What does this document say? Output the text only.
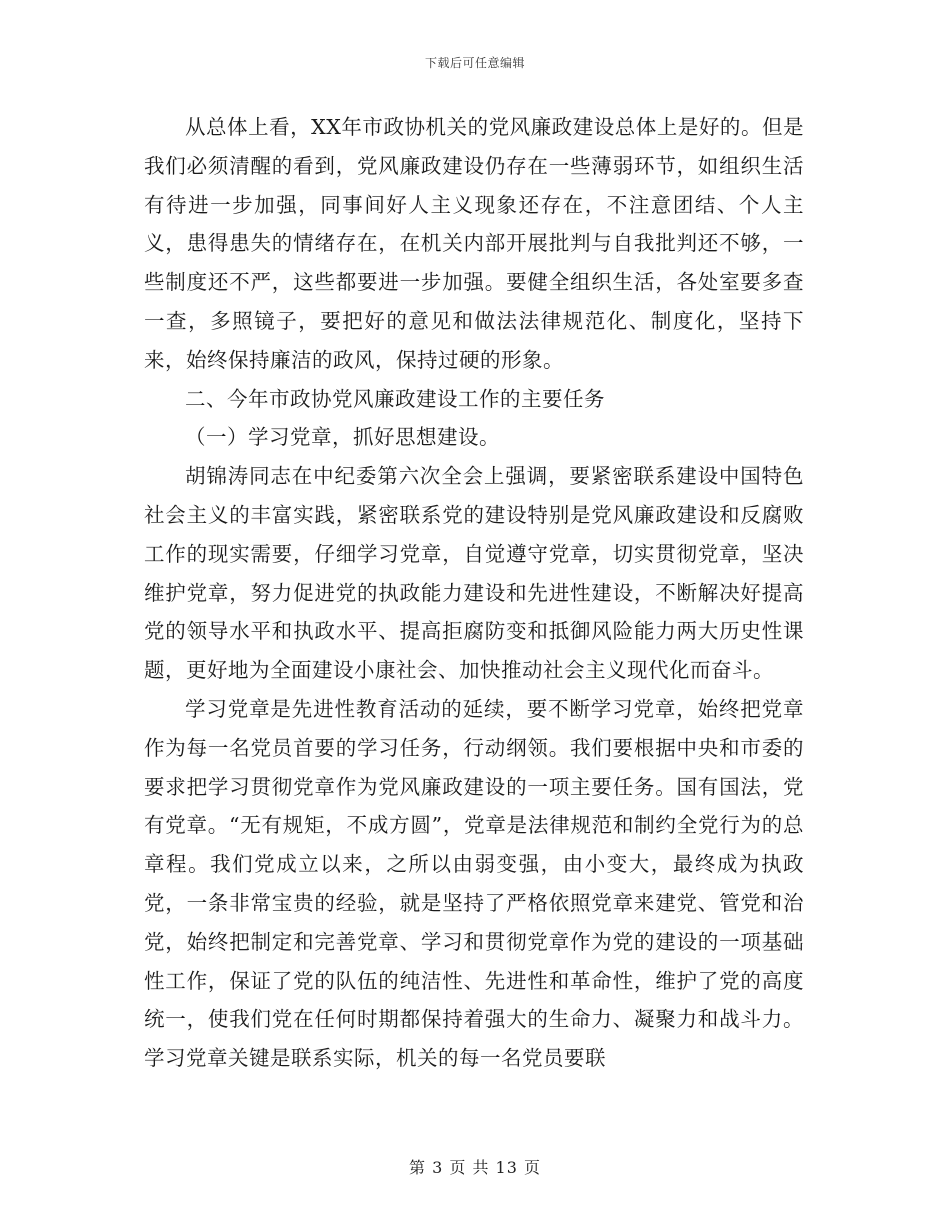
下载后可任意编辑

从总体上看，XX年市政协机关的党风廉政建设总体上是好的。但是我们必须清醒的看到，党风廉政建设仍存在一些薄弱环节，如组织生活有待进一步加强，同事间好人主义现象还存在，不注意团结、个人主义，患得患失的情绪存在，在机关内部开展批判与自我批判还不够，一些制度还不严，这些都要进一步加强。要健全组织生活，各处室要多查一查，多照镜子，要把好的意见和做法法律规范化、制度化，坚持下来，始终保持廉洁的政风，保持过硬的形象。

二、今年市政协党风廉政建设工作的主要任务

（一）学习党章，抓好思想建设。

胡锦涛同志在中纪委第六次全会上强调，要紧密联系建设中国特色社会主义的丰富实践，紧密联系党的建设特别是党风廉政建设和反腐败工作的现实需要，仔细学习党章，自觉遵守党章，切实贯彻党章，坚决维护党章，努力促进党的执政能力建设和先进性建设，不断解决好提高党的领导水平和执政水平、提高拒腐防变和抵御风险能力两大历史性课题，更好地为全面建设小康社会、加快推动社会主义现代化而奋斗。

学习党章是先进性教育活动的延续，要不断学习党章，始终把党章作为每一名党员首要的学习任务，行动纲领。我们要根据中央和市委的要求把学习贯彻党章作为党风廉政建设的一项主要任务。国有国法，党有党章。“无有规矩，不成方圆”，党章是法律规范和制约全党行为的总章程。我们党成立以来，之所以由弱变强，由小变大，最终成为执政党，一条非常宝贵的经验，就是坚持了严格依照党章来建党、管党和治党，始终把制定和完善党章、学习和贯彻党章作为党的建设的一项基础性工作，保证了党的队伍的纯洁性、先进性和革命性，维护了党的高度统一，使我们党在任何时期都保持着强大的生命力、凝聚力和战斗力。学习党章关键是联系实际，机关的每一名党员要联

第 3 页 共 13 页
